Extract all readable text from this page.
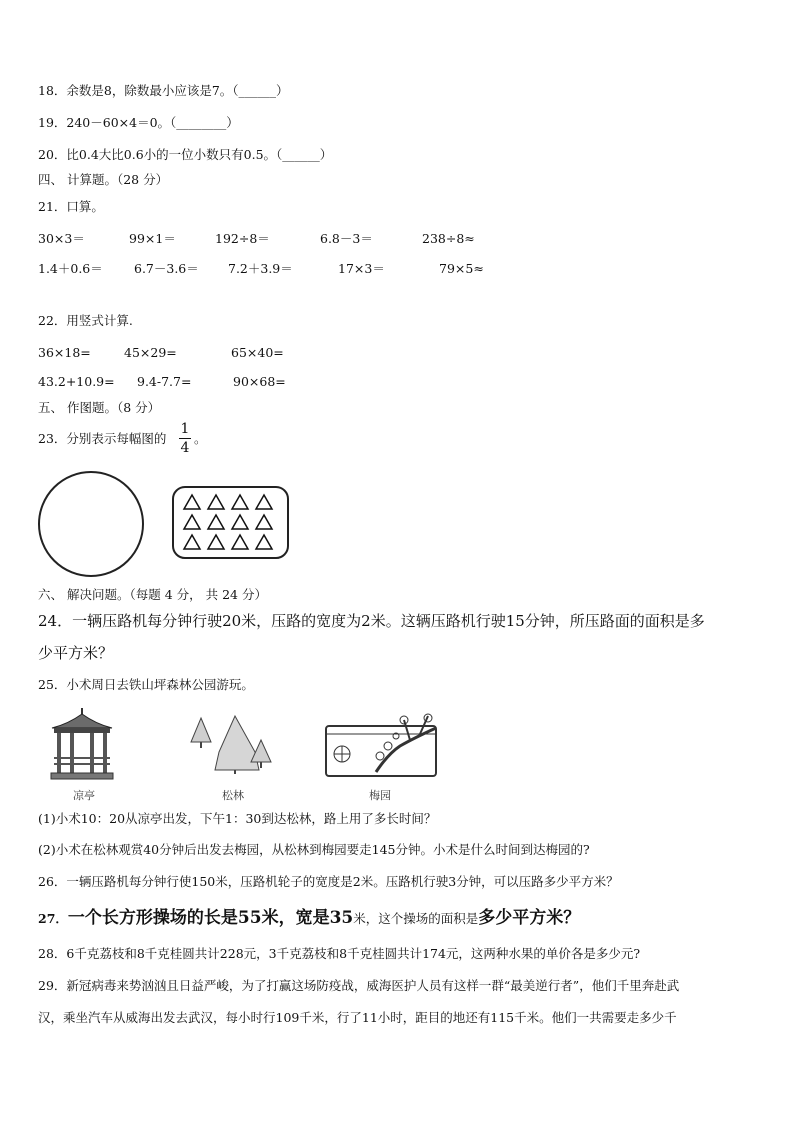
18．余数是8，除数最小应该是7。（______）
19．240－60×4＝0。（________）
20．比0.4大比0.6小的一位小数只有0.5。（______）
四、 计算题。（28 分）
21．口算。
30×3＝	99×1＝	192÷8＝	6.8－3＝	238÷8≈
1.4＋0.6＝ 6.7－3.6＝ 7.2＋3.9＝	17×3＝	79×5≈
22．用竖式计算.
36×18=	45×29=	65×40=
43.2+10.9= 9.4-7.7=	90×68=
五、 作图题。（8 分）
23．分别表示每幅图的
1
4
。
六、 解决问题。（每题 4 分， 共 24 分）
24．一辆压路机每分钟行驶20米，压路的宽度为2米。这辆压路机行驶15分钟，所压路面的面积是多
少平方米？
25．小术周日去铁山坪森林公园游玩。
凉亭	松林	梅园
(1)小术10：20从凉亭出发，下午1：30到达松林，路上用了多长时间？
(2)小术在松林观赏40分钟后出发去梅园，从松林到梅园要走145分钟。小术是什么时间到达梅园的?
26．一辆压路机每分钟行使150米，压路机轮子的宽度是2米。压路机行驶3分钟，可以压路多少平方米？
27．一个长方形操场的长是55米，宽是35米，这个操场的面积是多少平方米？
28．6千克荔枝和8千克桂圆共计228元，3千克荔枝和8千克桂圆共计174元，这两种水果的单价各是多少元?
29．新冠病毒来势汹汹且日益严峻，为了打赢这场防疫战，威海医护人员有这样一群“最美逆行者”，他们千里奔赴武
汉，乘坐汽车从威海出发去武汉，每小时行109千米，行了11小时，距目的地还有115千米。他们一共需要走多少千
